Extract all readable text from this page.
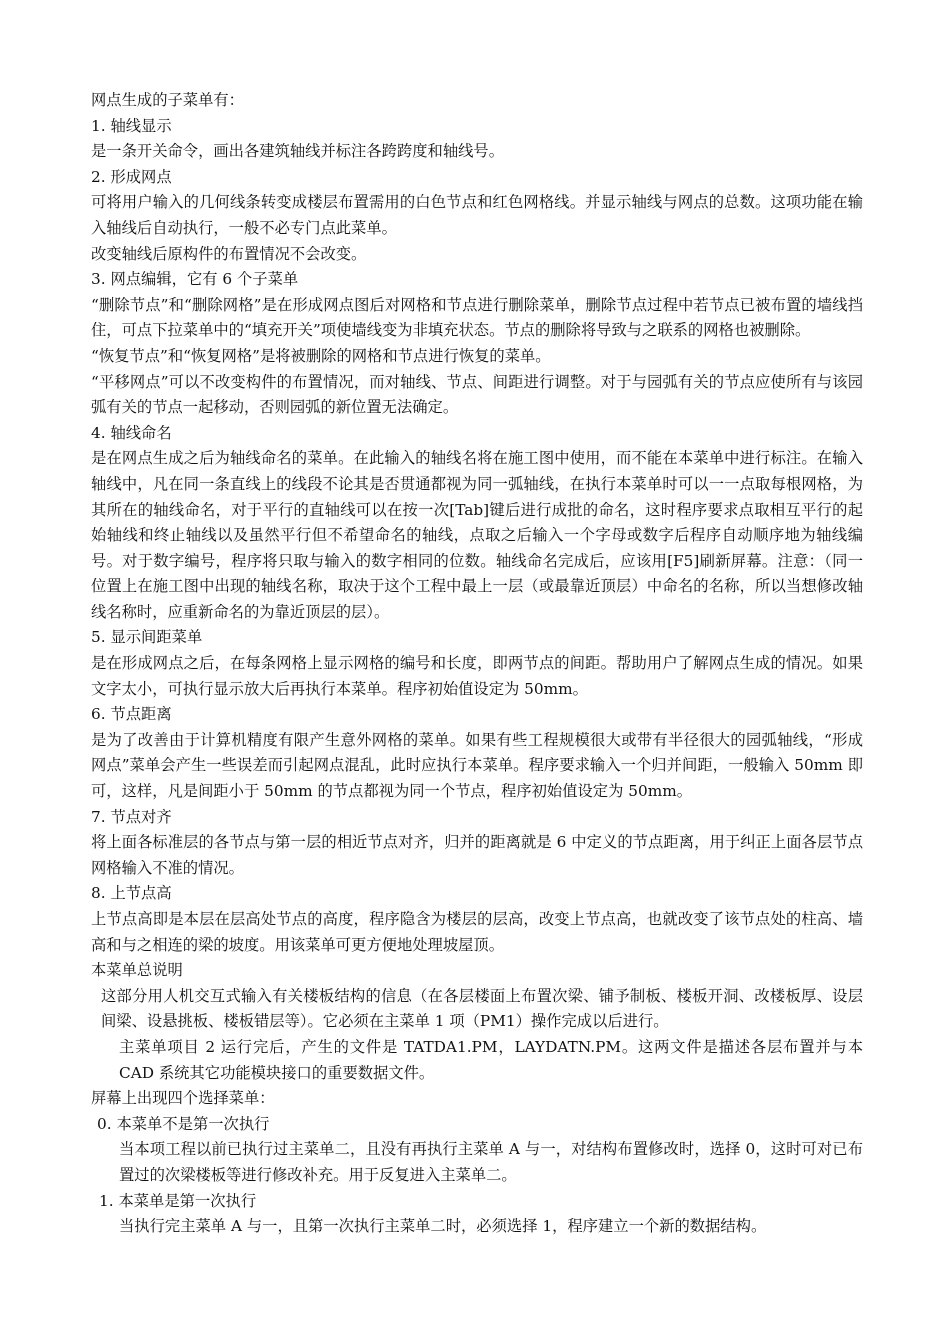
网点生成的子菜单有：

1. 轴线显示

是一条开关命令，画出各建筑轴线并标注各跨跨度和轴线号。

2. 形成网点

可将用户输入的几何线条转变成楼层布置需用的白色节点和红色网格线。并显示轴线与网点的总数。这项功能在输入轴线后自动执行，一般不必专门点此菜单。

改变轴线后原构件的布置情况不会改变。

3. 网点编辑，它有 6 个子菜单

“删除节点”和“删除网格”是在形成网点图后对网格和节点进行删除菜单，删除节点过程中若节点已被布置的墙线挡住，可点下拉菜单中的“填充开关”项使墙线变为非填充状态。节点的删除将导致与之联系的网格也被删除。

“恢复节点”和“恢复网格”是将被删除的网格和节点进行恢复的菜单。

“平移网点”可以不改变构件的布置情况，而对轴线、节点、间距进行调整。对于与园弧有关的节点应使所有与该园弧有关的节点一起移动，否则园弧的新位置无法确定。

4. 轴线命名

是在网点生成之后为轴线命名的菜单。在此输入的轴线名将在施工图中使用，而不能在本菜单中进行标注。在输入轴线中，凡在同一条直线上的线段不论其是否贯通都视为同一弧轴线，在执行本菜单时可以一一点取每根网格，为其所在的轴线命名，对于平行的直轴线可以在按一次[Tab]键后进行成批的命名，这时程序要求点取相互平行的起始轴线和终止轴线以及虽然平行但不希望命名的轴线，点取之后输入一个字母或数字后程序自动顺序地为轴线编号。对于数字编号，程序将只取与输入的数字相同的位数。轴线命名完成后，应该用[F5]刷新屏幕。注意：（同一位置上在施工图中出现的轴线名称，取决于这个工程中最上一层（或最靠近顶层）中命名的名称，所以当想修改轴线名称时，应重新命名的为靠近顶层的层）。

5. 显示间距菜单

是在形成网点之后，在每条网格上显示网格的编号和长度，即两节点的间距。帮助用户了解网点生成的情况。如果文字太小，可执行显示放大后再执行本菜单。程序初始值设定为 50mm。

6. 节点距离

是为了改善由于计算机精度有限产生意外网格的菜单。如果有些工程规模很大或带有半径很大的园弧轴线，“形成网点”菜单会产生一些误差而引起网点混乱，此时应执行本菜单。程序要求输入一个归并间距，一般输入 50mm 即可，这样，凡是间距小于 50mm 的节点都视为同一个节点，程序初始值设定为 50mm。

7. 节点对齐

将上面各标准层的各节点与第一层的相近节点对齐，归并的距离就是 6 中定义的节点距离，用于纠正上面各层节点网格输入不准的情况。

8. 上节点高

上节点高即是本层在层高处节点的高度，程序隐含为楼层的层高，改变上节点高，也就改变了该节点处的柱高、墙高和与之相连的梁的坡度。用该菜单可更方便地处理坡屋顶。

本菜单总说明

这部分用人机交互式输入有关楼板结构的信息（在各层楼面上布置次梁、铺予制板、楼板开洞、改楼板厚、设层间梁、设悬挑板、楼板错层等）。它必须在主菜单 1 项（PM1）操作完成以后进行。

主菜单项目 2 运行完后，产生的文件是 TATDA1.PM，LAYDATN.PM。这两文件是描述各层布置并与本 CAD 系统其它功能模块接口的重要数据文件。

屏幕上出现四个选择菜单：

0. 本菜单不是第一次执行

当本项工程以前已执行过主菜单二，且没有再执行主菜单 A 与一，对结构布置修改时，选择 0，这时可对已布置过的次梁楼板等进行修改补充。用于反复进入主菜单二。

1. 本菜单是第一次执行

当执行完主菜单 A 与一，且第一次执行主菜单二时，必须选择 1，程序建立一个新的数据结构。
